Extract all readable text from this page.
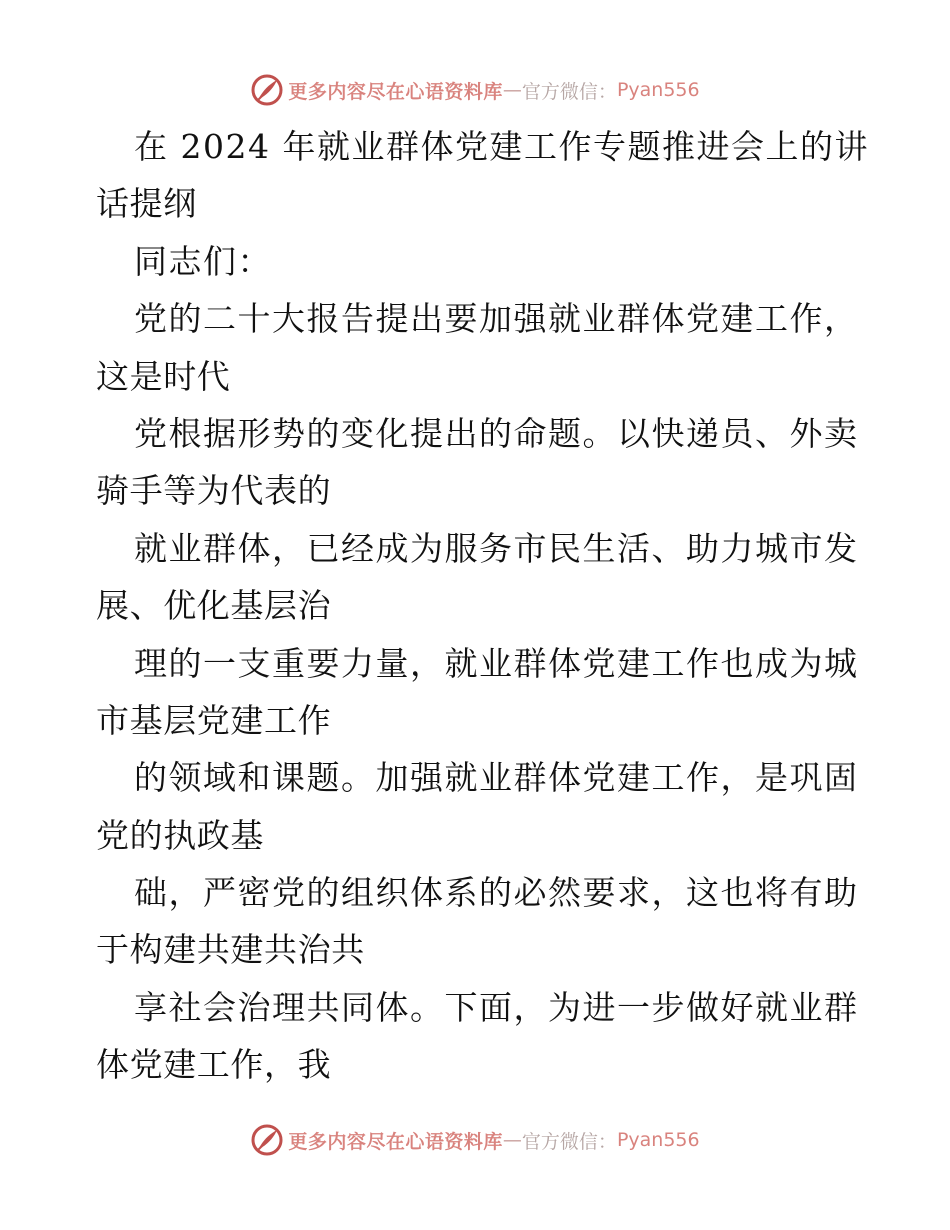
更多内容尽在心语资料库 — 官方微信： Pyan556
在 2024 年就业群体党建工作专题推进会上的讲
话提纲
同志们：
党的二十大报告提出要加强就业群体党建工作，
这是时代
党根据形势的变化提出的命题。以快递员、外卖
骑手等为代表的
就业群体，已经成为服务市民生活、助力城市发
展、优化基层治
理的一支重要力量，就业群体党建工作也成为城
市基层党建工作
的领域和课题。加强就业群体党建工作，是巩固
党的执政基
础，严密党的组织体系的必然要求，这也将有助
于构建共建共治共
享社会治理共同体。下面，为进一步做好就业群
体党建工作，我
更多内容尽在心语资料库 — 官方微信： Pyan556
